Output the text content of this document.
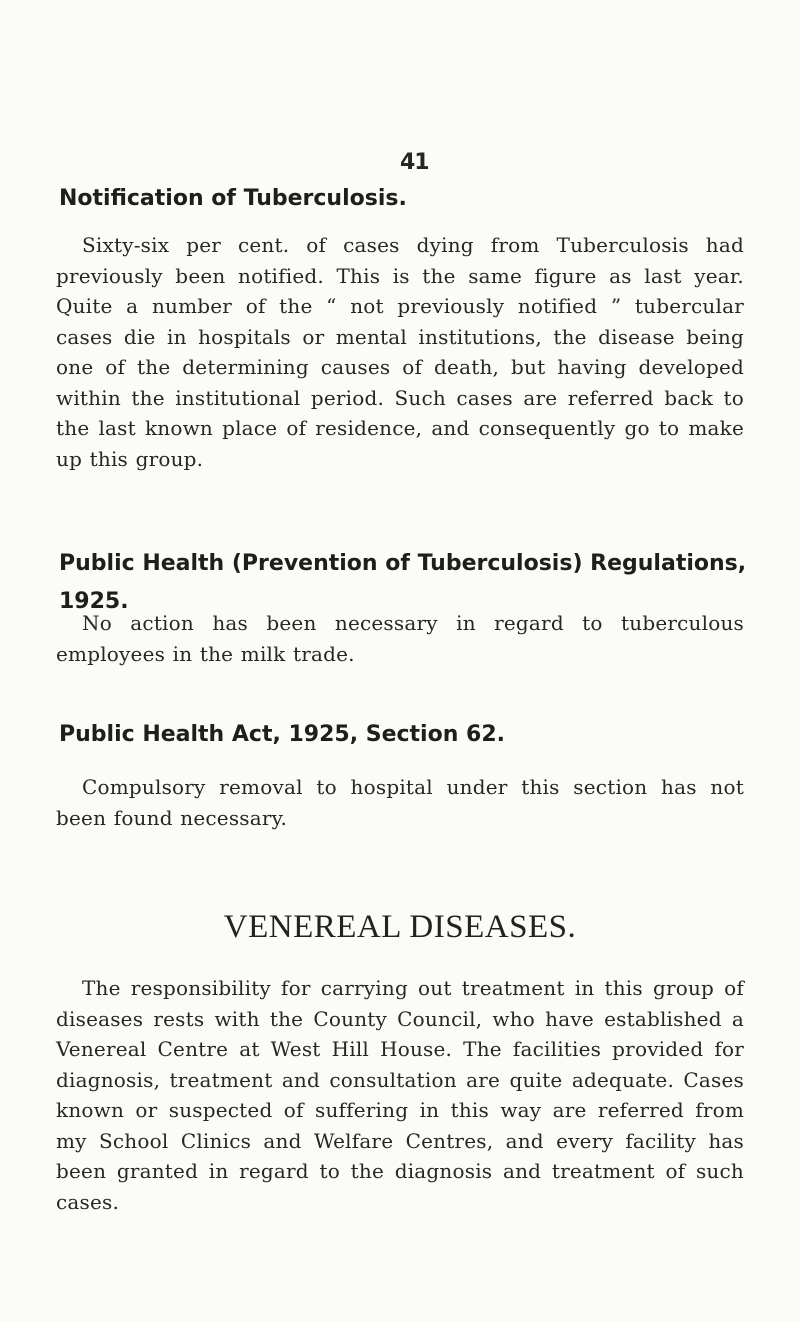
41
Notification of Tuberculosis.

Sixty-six per cent. of cases dying from Tuberculosis had previously been notified. This is the same figure as last year. Quite a number of the “ not previously notified ” tubercular cases die in hospitals or mental institutions, the disease being one of the determining causes of death, but having developed within the institutional period. Such cases are referred back to the last known place of residence, and consequently go to make up this group.

Public Health (Prevention of Tuberculosis) Regulations, 1925.

No action has been necessary in regard to tuberculous employees in the milk trade.

Public Health Act, 1925, Section 62.

Compulsory removal to hospital under this section has not been found necessary.

VENEREAL DISEASES.

The responsibility for carrying out treatment in this group of diseases rests with the County Council, who have established a Venereal Centre at West Hill House. The facilities provided for diagnosis, treatment and consultation are quite adequate. Cases known or suspected of suffering in this way are referred from my School Clinics and Welfare Centres, and every facility has been granted in regard to the diagnosis and treatment of such cases.
